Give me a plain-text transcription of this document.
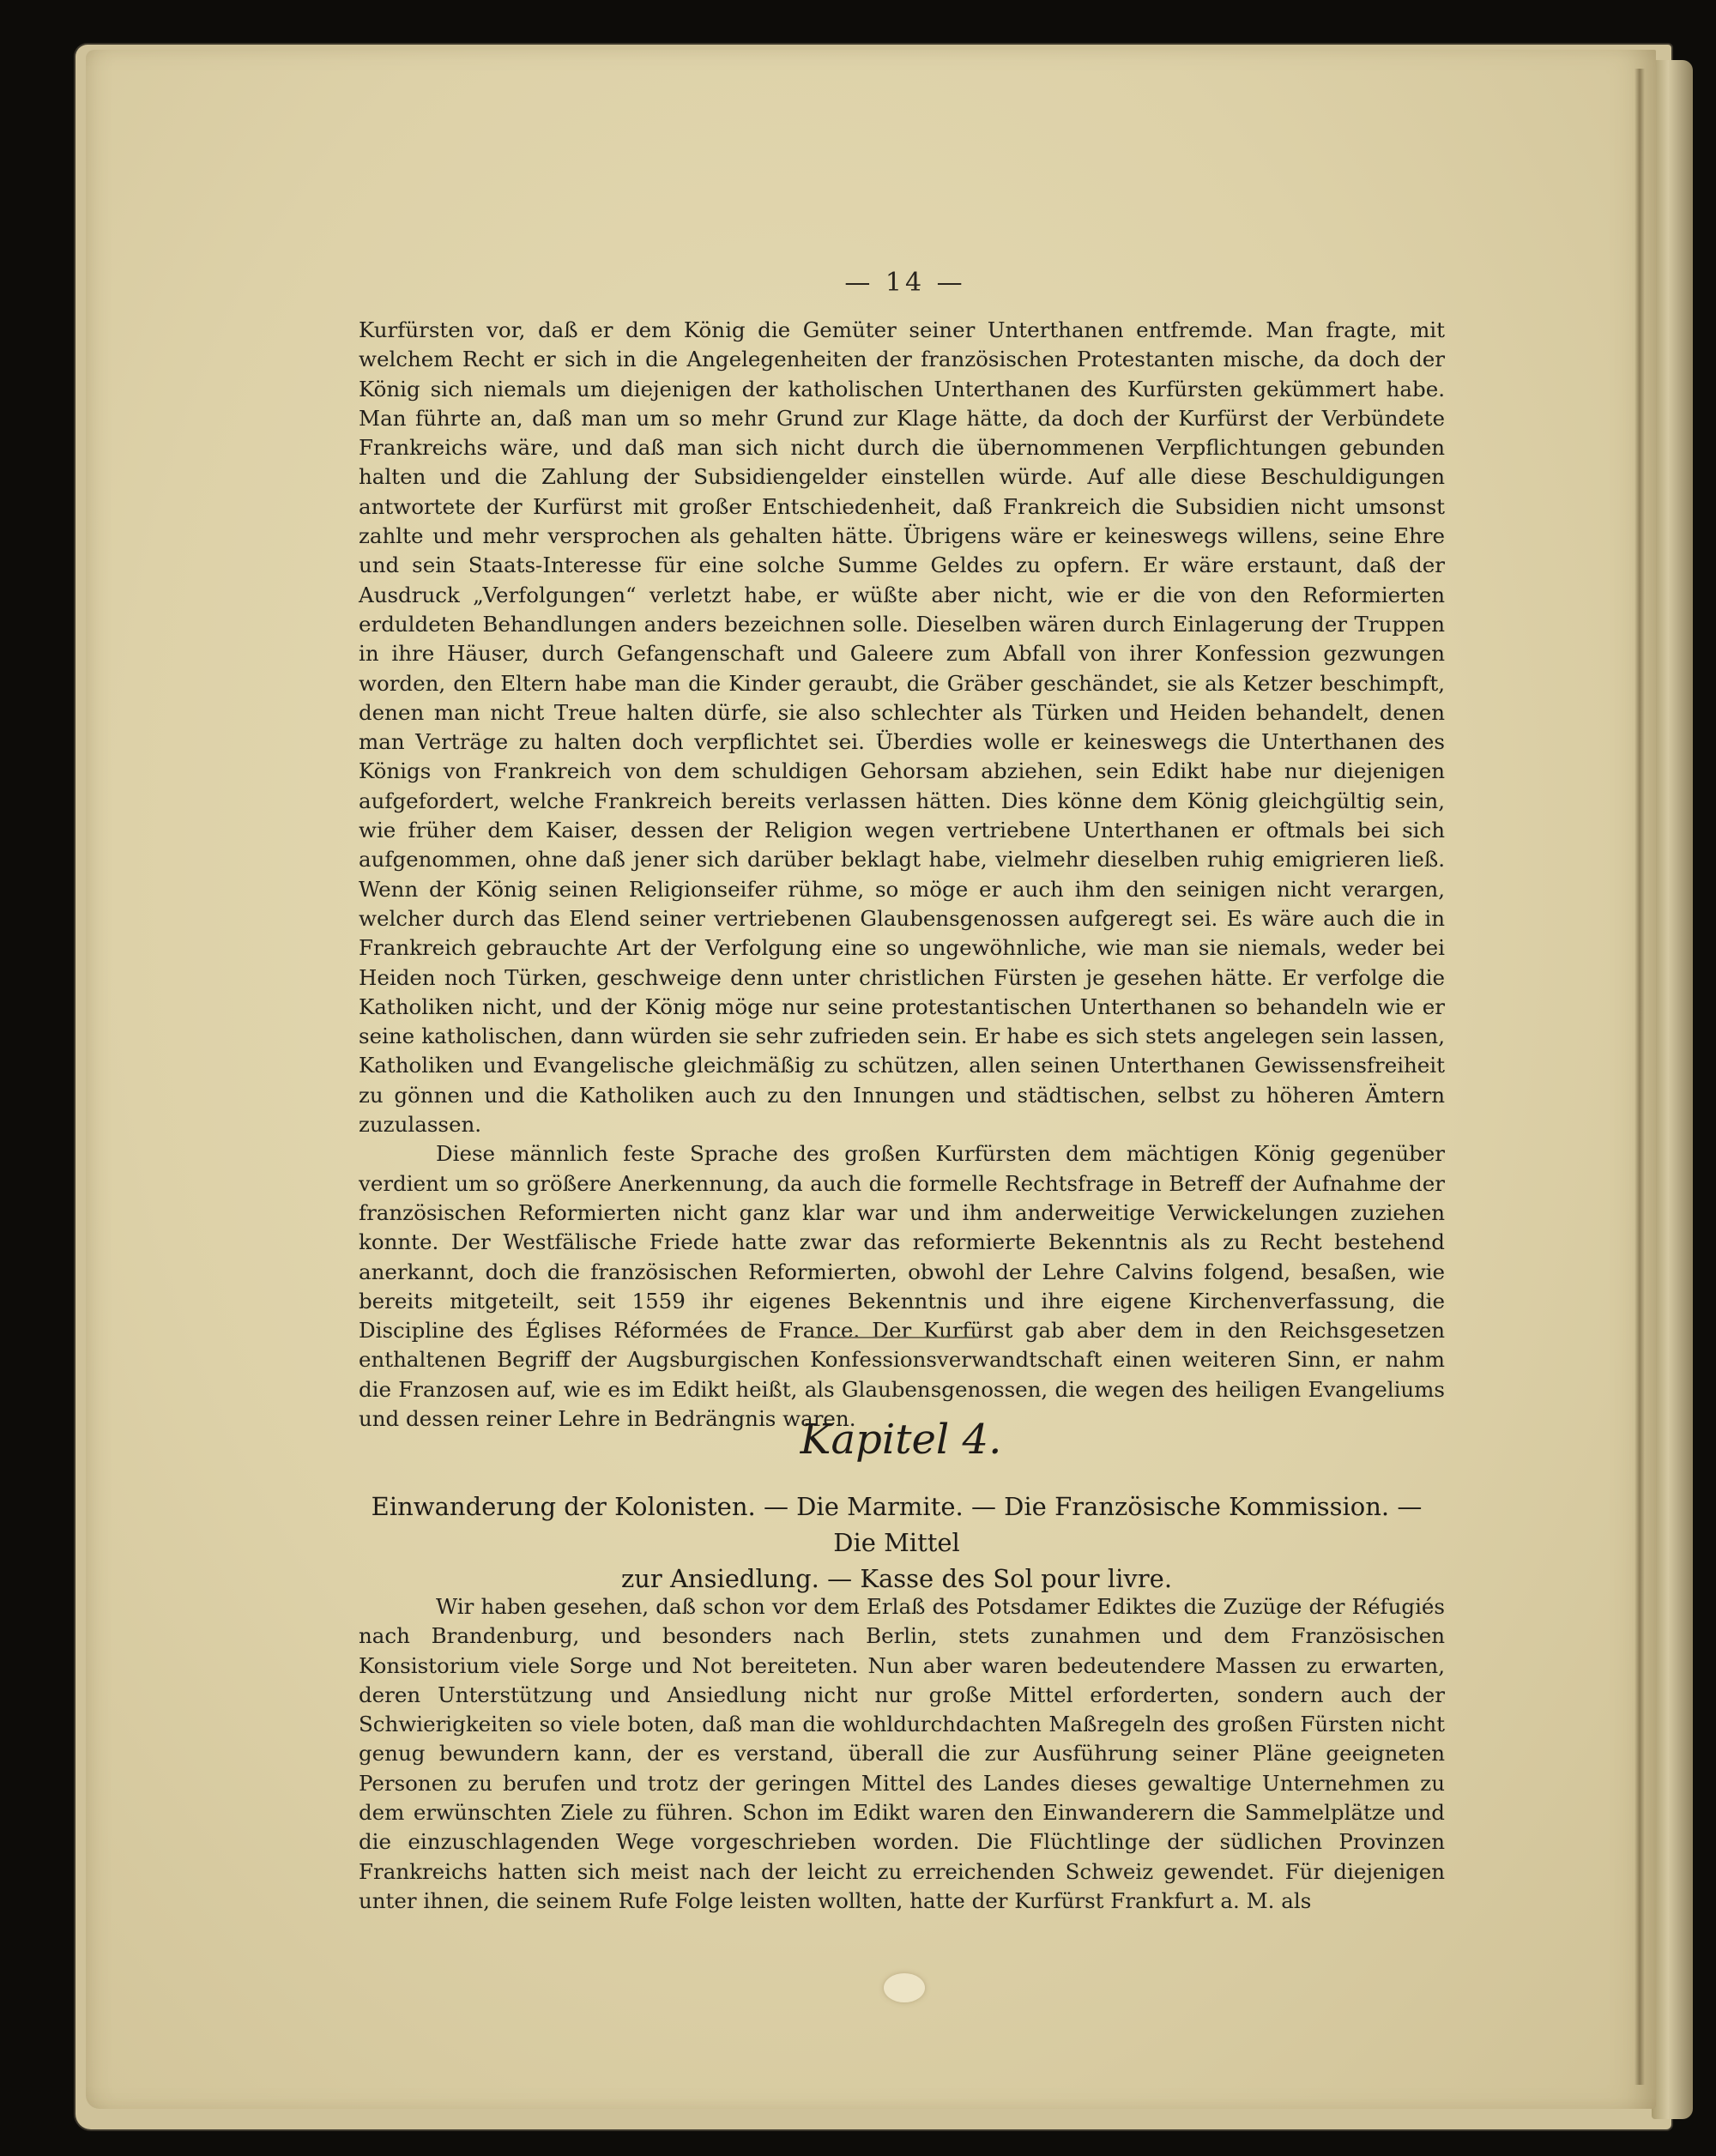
— 14 —

Kurfürsten vor, daß er dem König die Gemüter seiner Unterthanen entfremde. Man fragte, mit welchem Recht er sich in die Angelegenheiten der französischen Protestanten mische, da doch der König sich niemals um diejenigen der katholischen Unterthanen des Kurfürsten gekümmert habe. Man führte an, daß man um so mehr Grund zur Klage hätte, da doch der Kurfürst der Verbündete Frankreichs wäre, und daß man sich nicht durch die übernommenen Verpflichtungen gebunden halten und die Zahlung der Subsidiengelder einstellen würde. Auf alle diese Beschuldigungen antwortete der Kurfürst mit großer Entschiedenheit, daß Frankreich die Subsidien nicht umsonst zahlte und mehr versprochen als gehalten hätte. Übrigens wäre er keineswegs willens, seine Ehre und sein Staats-Interesse für eine solche Summe Geldes zu opfern. Er wäre erstaunt, daß der Ausdruck „Verfolgungen“ verletzt habe, er wüßte aber nicht, wie er die von den Reformierten erduldeten Behandlungen anders bezeichnen solle. Dieselben wären durch Einlagerung der Truppen in ihre Häuser, durch Gefangenschaft und Galeere zum Abfall von ihrer Konfession gezwungen worden, den Eltern habe man die Kinder geraubt, die Gräber geschändet, sie als Ketzer beschimpft, denen man nicht Treue halten dürfe, sie also schlechter als Türken und Heiden behandelt, denen man Verträge zu halten doch verpflichtet sei. Überdies wolle er keineswegs die Unterthanen des Königs von Frankreich von dem schuldigen Gehorsam abziehen, sein Edikt habe nur diejenigen aufgefordert, welche Frankreich bereits verlassen hätten. Dies könne dem König gleichgültig sein, wie früher dem Kaiser, dessen der Religion wegen vertriebene Unterthanen er oftmals bei sich aufgenommen, ohne daß jener sich darüber beklagt habe, vielmehr dieselben ruhig emigrieren ließ. Wenn der König seinen Religionseifer rühme, so möge er auch ihm den seinigen nicht verargen, welcher durch das Elend seiner vertriebenen Glaubensgenossen aufgeregt sei. Es wäre auch die in Frankreich gebrauchte Art der Verfolgung eine so ungewöhnliche, wie man sie niemals, weder bei Heiden noch Türken, geschweige denn unter christlichen Fürsten je gesehen hätte. Er verfolge die Katholiken nicht, und der König möge nur seine protestantischen Unterthanen so behandeln wie er seine katholischen, dann würden sie sehr zufrieden sein. Er habe es sich stets angelegen sein lassen, Katholiken und Evangelische gleichmäßig zu schützen, allen seinen Unterthanen Gewissensfreiheit zu gönnen und die Katholiken auch zu den Innungen und städtischen, selbst zu höheren Ämtern zuzulassen.

Diese männlich feste Sprache des großen Kurfürsten dem mächtigen König gegenüber verdient um so größere Anerkennung, da auch die formelle Rechtsfrage in Betreff der Aufnahme der französischen Reformierten nicht ganz klar war und ihm anderweitige Verwickelungen zuziehen konnte. Der Westfälische Friede hatte zwar das reformierte Bekenntnis als zu Recht bestehend anerkannt, doch die französischen Reformierten, obwohl der Lehre Calvins folgend, besaßen, wie bereits mitgeteilt, seit 1559 ihr eigenes Bekenntnis und ihre eigene Kirchenverfassung, die Discipline des Églises Réformées de France. Der Kurfürst gab aber dem in den Reichsgesetzen enthaltenen Begriff der Augsburgischen Konfessionsverwandtschaft einen weiteren Sinn, er nahm die Franzosen auf, wie es im Edikt heißt, als Glaubensgenossen, die wegen des heiligen Evangeliums und dessen reiner Lehre in Bedrängnis waren.

Kapitel 4.
Einwanderung der Kolonisten. — Die Marmite. — Die Französische Kommission. — Die Mittel
zur Ansiedlung. — Kasse des Sol pour livre.

Wir haben gesehen, daß schon vor dem Erlaß des Potsdamer Ediktes die Zuzüge der Réfugiés nach Brandenburg, und besonders nach Berlin, stets zunahmen und dem Französischen Konsistorium viele Sorge und Not bereiteten. Nun aber waren bedeutendere Massen zu erwarten, deren Unterstützung und Ansiedlung nicht nur große Mittel erforderten, sondern auch der Schwierigkeiten so viele boten, daß man die wohldurchdachten Maßregeln des großen Fürsten nicht genug bewundern kann, der es verstand, überall die zur Ausführung seiner Pläne geeigneten Personen zu berufen und trotz der geringen Mittel des Landes dieses gewaltige Unternehmen zu dem erwünschten Ziele zu führen. Schon im Edikt waren den Einwanderern die Sammelplätze und die einzuschlagenden Wege vorgeschrieben worden. Die Flüchtlinge der südlichen Provinzen Frankreichs hatten sich meist nach der leicht zu erreichenden Schweiz gewendet. Für diejenigen unter ihnen, die seinem Rufe Folge leisten wollten, hatte der Kurfürst Frankfurt a. M. als
